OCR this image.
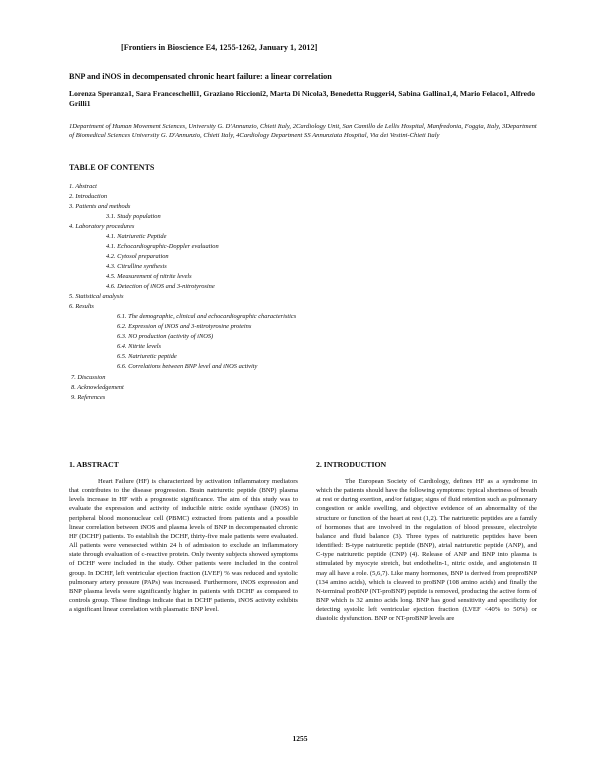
[Frontiers in Bioscience E4, 1255-1262, January 1, 2012]
BNP and iNOS in decompensated chronic heart failure: a linear correlation
Lorenza Speranza1, Sara Franceschelli1, Graziano Riccioni2, Marta Di Nicola3, Benedetta Ruggeri4, Sabina Gallina1,4, Mario Felaco1, Alfredo Grilli1
1Department of Human Movement Sciences, University G. D'Annunzio, Chieti Italy, 2Cardiology Unit, San Camillo de Lellis Hospital, Manfredonia, Foggia, Italy, 3Department of Biomedical Sciences University G. D'Annunzio, Chieti Italy, 4Cardiology Department SS Annunziata Hospital, Via dei Vestini-Chieti Italy
TABLE OF CONTENTS
1. Abstract
2. Introduction
3. Patients and methods
3.1. Study population
4. Laboratory procedures
4.1. Natriuretic Peptide
4.1. Echocardiographic-Doppler evaluation
4.2. Cytosol preparation
4.3. Citrulline synthesis
4.5. Measurement of nitrite levels
4.6. Detection of iNOS and 3-nitrotyrosine
5. Statistical analysis
6. Results
6.1. The demographic, clinical and echocardiographic characteristics
6.2. Expression of iNOS and 3-nitrotyrosine proteins
6.3. NO production (activity of iNOS)
6.4. Nitrite levels
6.5. Natriuretic peptide
6.6. Correlations between BNP level and iNOS activity
7. Discussion
8. Acknowledgement
9. References
1. ABSTRACT

Heart Failure (HF) is characterized by activation inflammatory mediators that contributes to the disease progression. Brain natriuretic peptide (BNP) plasma levels increase in HF with a prognostic significance. The aim of this study was to evaluate the expression and activity of inducible nitric oxide synthase (iNOS) in peripheral blood mononuclear cell (PBMC) extracted from patients and a possible linear correlation between iNOS and plasma levels of BNP in decompensated chronic HF (DCHF) patients. To establish the DCHF, thirty-five male patients were evaluated. All patients were venesected within 24 h of admission to exclude an inflammatory state through evaluation of c-reactive protein. Only twenty subjects showed symptoms of DCHF were included in the study. Other patients were included in the control group. In DCHF, left ventricular ejection fraction (LVEF) % was reduced and systolic pulmonary artery pressure (PAPs) was increased. Furthermore, iNOS expression and BNP plasma levels were significantly higher in patients with DCHF as compared to controls group. These findings indicate that in DCHF patients, iNOS activity exhibits a significant linear correlation with plasmatic BNP level.

2. INTRODUCTION

The European Society of Cardiology, defines HF as a syndrome in which the patients should have the following symptoms: typical shortness of breath at rest or during exertion, and/or fatigue; signs of fluid retention such as pulmonary congestion or ankle swelling, and objective evidence of an abnormality of the structure or function of the heart at rest (1,2). The natriuretic peptides are a family of hormones that are involved in the regulation of blood pressure, electrolyte balance and fluid balance (3). Three types of natriuretic peptides have been identified: B-type natriuretic peptide (BNP), atrial natriuretic peptide (ANP), and C-type natriuretic peptide (CNP) (4). Release of ANP and BNP into plasma is stimulated by myocyte stretch, but endothelin-1, nitric oxide, and angiotensin II may all have a role. (5,6,7). Like many hormones, BNP is derived from preproBNP (134 amino acids), which is cleaved to proBNP (108 amino acids) and finally the N-terminal proBNP (NT-proBNP) peptide is removed, producing the active form of BNP which is 32 amino acids long. BNP has good sensitivity and specificity for detecting systolic left ventricular ejection fraction (LVEF <40% to 50%) or diastolic dysfunction. BNP or NT-proBNP levels are

1255
